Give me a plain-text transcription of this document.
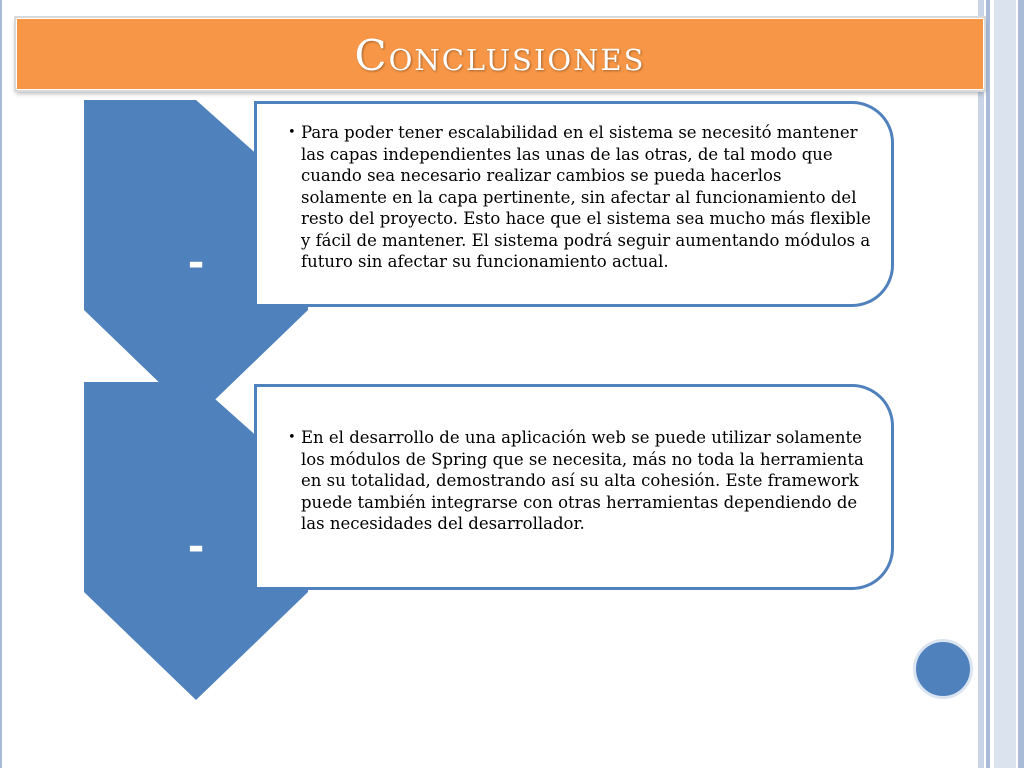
Conclusiones
-
• Para poder tener escalabilidad en el sistema se necesitó mantener las capas independientes las unas de las otras, de tal modo que cuando sea necesario realizar cambios se pueda hacerlos solamente en la capa pertinente, sin afectar al funcionamiento del resto del proyecto. Esto hace que el sistema sea mucho más flexible y fácil de mantener. El sistema podrá seguir aumentando módulos a futuro sin afectar su funcionamiento actual.
-
• En el desarrollo de una aplicación web se puede utilizar solamente los módulos de Spring que se necesita, más no toda la herramienta en su totalidad, demostrando así su alta cohesión. Este framework puede también integrarse con otras herramientas dependiendo de las necesidades del desarrollador.
